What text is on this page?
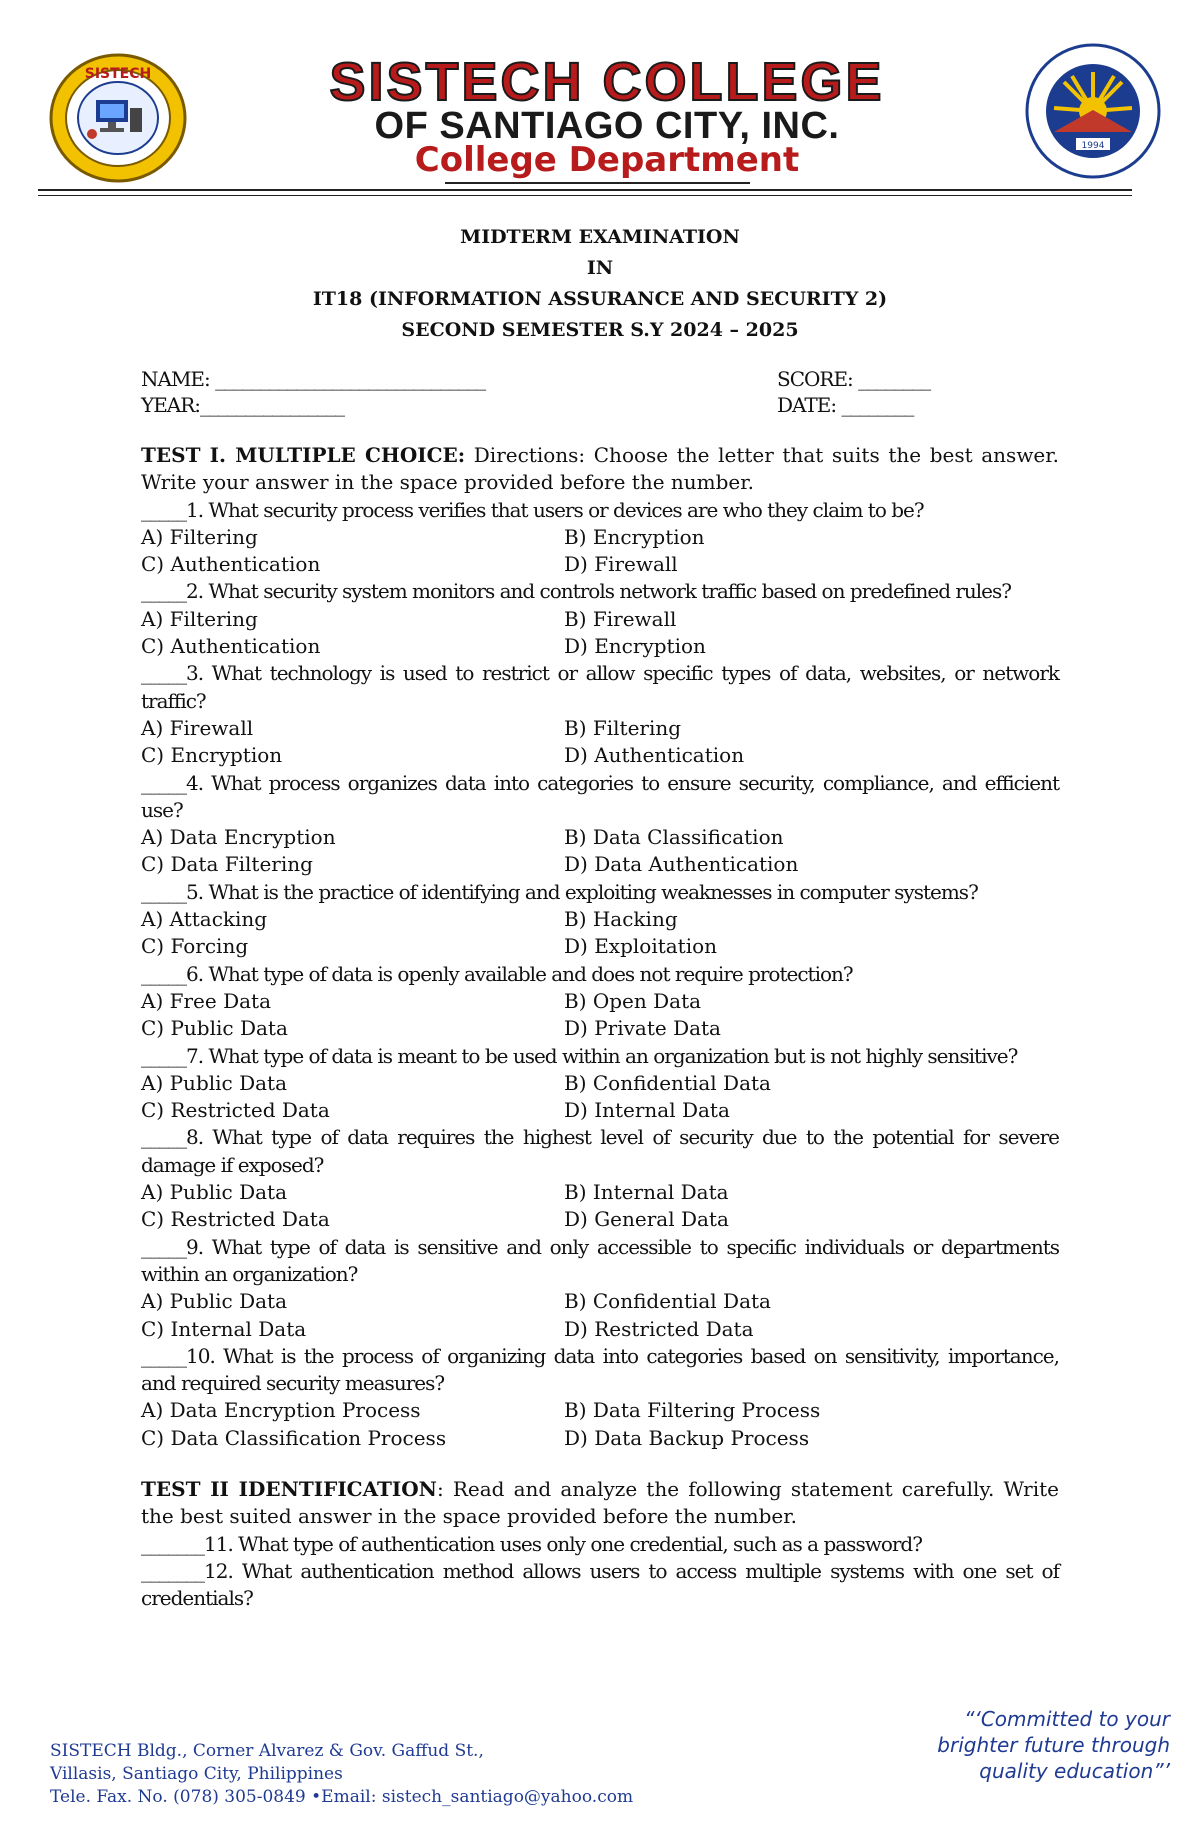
SISTECH	SISTECH COLLEGE
OF SANTIAGO CITY, INC.
College Department	1994
MIDTERM EXAMINATION
IN
IT18 (INFORMATION ASSURANCE AND SECURITY 2)
SECOND SEMESTER S.Y 2024 – 2025
NAME: ______________________________	SCORE: ________
YEAR:________________	DATE: ________
TEST I. MULTIPLE CHOICE: Directions: Choose the letter that suits the best answer. Write your answer in the space provided before the number.
_____1. What security process verifies that users or devices are who they claim to be?
A) Filtering	B) Encryption
C) Authentication	D) Firewall
_____2. What security system monitors and controls network traffic based on predefined rules?
A) Filtering	B) Firewall
C) Authentication	D) Encryption
_____3. What technology is used to restrict or allow specific types of data, websites, or network traffic?
A) Firewall	B) Filtering
C) Encryption	D) Authentication
_____4. What process organizes data into categories to ensure security, compliance, and efficient use?
A) Data Encryption	B) Data Classification
C) Data Filtering	D) Data Authentication
_____5. What is the practice of identifying and exploiting weaknesses in computer systems?
A) Attacking	B) Hacking
C) Forcing	D) Exploitation
_____6. What type of data is openly available and does not require protection?
A) Free Data	B) Open Data
C) Public Data	D) Private Data
_____7. What type of data is meant to be used within an organization but is not highly sensitive?
A) Public Data	B) Confidential Data
C) Restricted Data	D) Internal Data
_____8. What type of data requires the highest level of security due to the potential for severe damage if exposed?
A) Public Data	B) Internal Data
C) Restricted Data	D) General Data
_____9. What type of data is sensitive and only accessible to specific individuals or departments within an organization?
A) Public Data	B) Confidential Data
C) Internal Data	D) Restricted Data
_____10. What is the process of organizing data into categories based on sensitivity, importance, and required security measures?
A) Data Encryption Process	B) Data Filtering Process
C) Data Classification Process	D) Data Backup Process
TEST II IDENTIFICATION: Read and analyze the following statement carefully. Write the best suited answer in the space provided before the number.
_______11. What type of authentication uses only one credential, such as a password?
_______12. What authentication method allows users to access multiple systems with one set of credentials?
SISTECH Bldg., Corner Alvarez & Gov. Gaffud St.,
Villasis, Santiago City, Philippines
Tele. Fax. No. (078) 305-0849 •Email: sistech_santiago@yahoo.com
“‘Committed to your
brighter future through
quality education”’
